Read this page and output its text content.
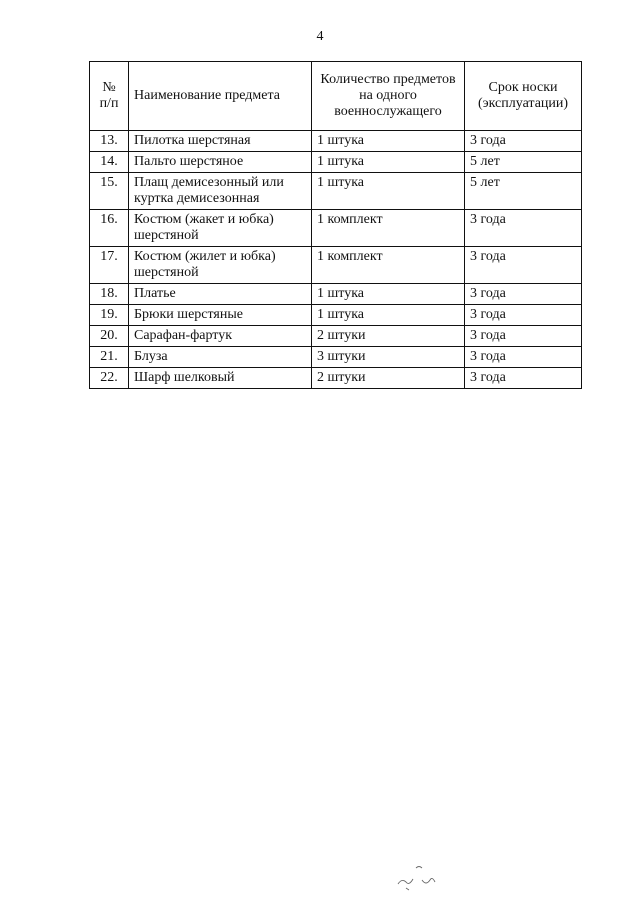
4
№ п/п	Наименование предмета	Количество предметов на одного военнослужащего	Срок носки (эксплуатации)
13.	Пилотка шерстяная	1 штука	3 года
14.	Пальто шерстяное	1 штука	5 лет
15.	Плащ демисезонный или куртка демисезонная	1 штука	5 лет
16.	Костюм (жакет и юбка) шерстяной	1 комплект	3 года
17.	Костюм (жилет и юбка) шерстяной	1 комплект	3 года
18.	Платье	1 штука	3 года
19.	Брюки шерстяные	1 штука	3 года
20.	Сарафан-фартук	2 штуки	3 года
21.	Блуза	3 штуки	3 года
22.	Шарф шелковый	2 штуки	3 года
